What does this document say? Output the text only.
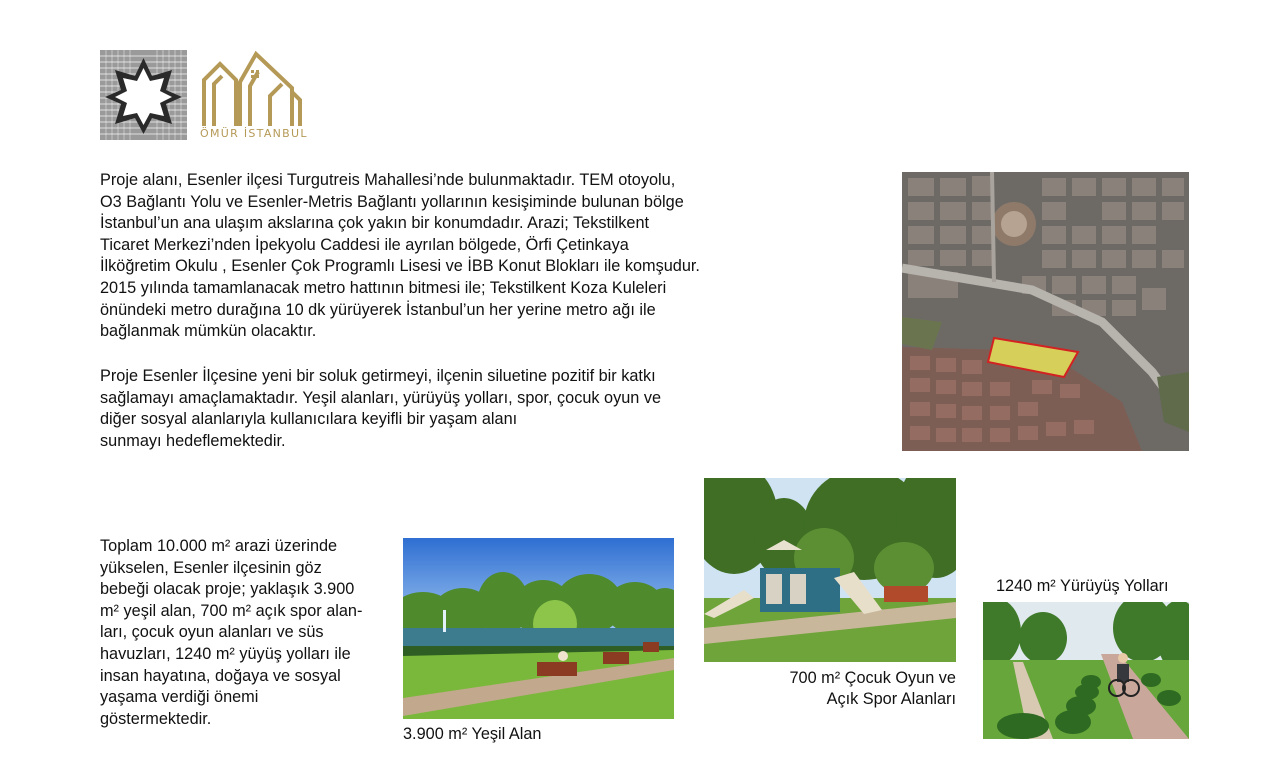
ÖMÜR İSTANBUL
Proje alanı, Esenler ilçesi Turgutreis Mahallesi’nde bulunmaktadır. TEM otoyolu,
O3 Bağlantı Yolu ve Esenler-Metris Bağlantı yollarının kesişiminde bulunan bölge
İstanbul’un ana ulaşım akslarına çok yakın bir konumdadır. Arazi; Tekstilkent
Ticaret Merkezi’nden İpekyolu Caddesi ile ayrılan bölgede, Örfi Çetinkaya
İlköğretim Okulu , Esenler Çok Programlı Lisesi ve İBB Konut Blokları ile komşudur.
2015 yılında tamamlanacak metro hattının bitmesi ile; Tekstilkent Koza Kuleleri
önündeki metro durağına 10 dk yürüyerek İstanbul’un her yerine metro ağı ile
bağlanmak mümkün olacaktır.
Proje Esenler İlçesine yeni bir soluk getirmeyi, ilçenin siluetine pozitif bir katkı
sağlamayı amaçlamaktadır. Yeşil alanları, yürüyüş yolları, spor, çocuk oyun ve
diğer sosyal alanlarıyla kullanıcılara keyifli bir yaşam alanı
sunmayı hedeflemektedir.
Toplam 10.000 m² arazi üzerinde
yükselen, Esenler ilçesinin göz
bebeği olacak proje; yaklaşık 3.900
m² yeşil alan, 700 m² açık spor alan-
ları, çocuk oyun alanları ve süs
havuzları, 1240 m² yüyüş yolları ile
insan hayatına, doğaya ve sosyal
yaşama verdiği önemi
göstermektedir.
3.900 m² Yeşil Alan
700 m² Çocuk Oyun ve
Açık Spor Alanları
1240 m² Yürüyüş Yolları
